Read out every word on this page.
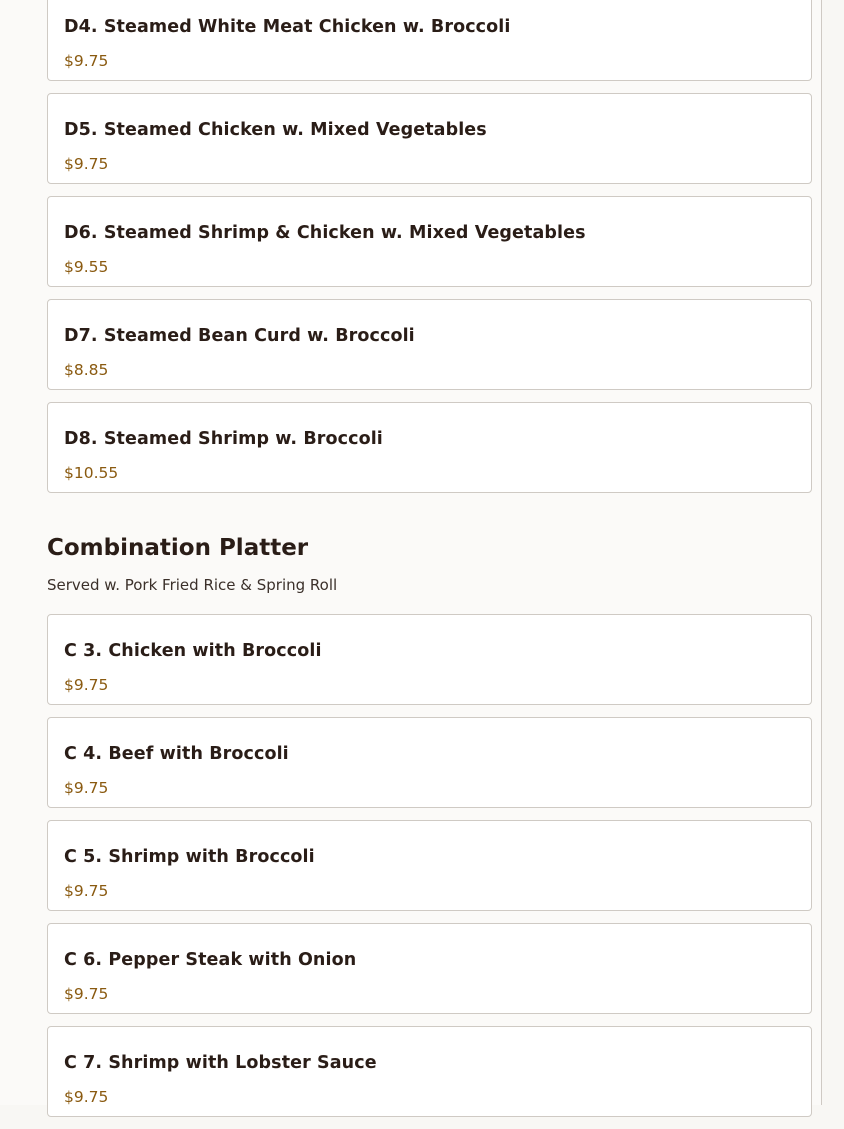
D4. Steamed White Meat Chicken w. Broccoli
$9.75
D5. Steamed Chicken w. Mixed Vegetables
$9.75
D6. Steamed Shrimp & Chicken w. Mixed Vegetables
$9.55
D7. Steamed Bean Curd w. Broccoli
$8.85
D8. Steamed Shrimp w. Broccoli
$10.55
Combination Platter
Served w. Pork Fried Rice & Spring Roll
C 3. Chicken with Broccoli
$9.75
C 4. Beef with Broccoli
$9.75
C 5. Shrimp with Broccoli
$9.75
C 6. Pepper Steak with Onion
$9.75
C 7. Shrimp with Lobster Sauce
$9.75
